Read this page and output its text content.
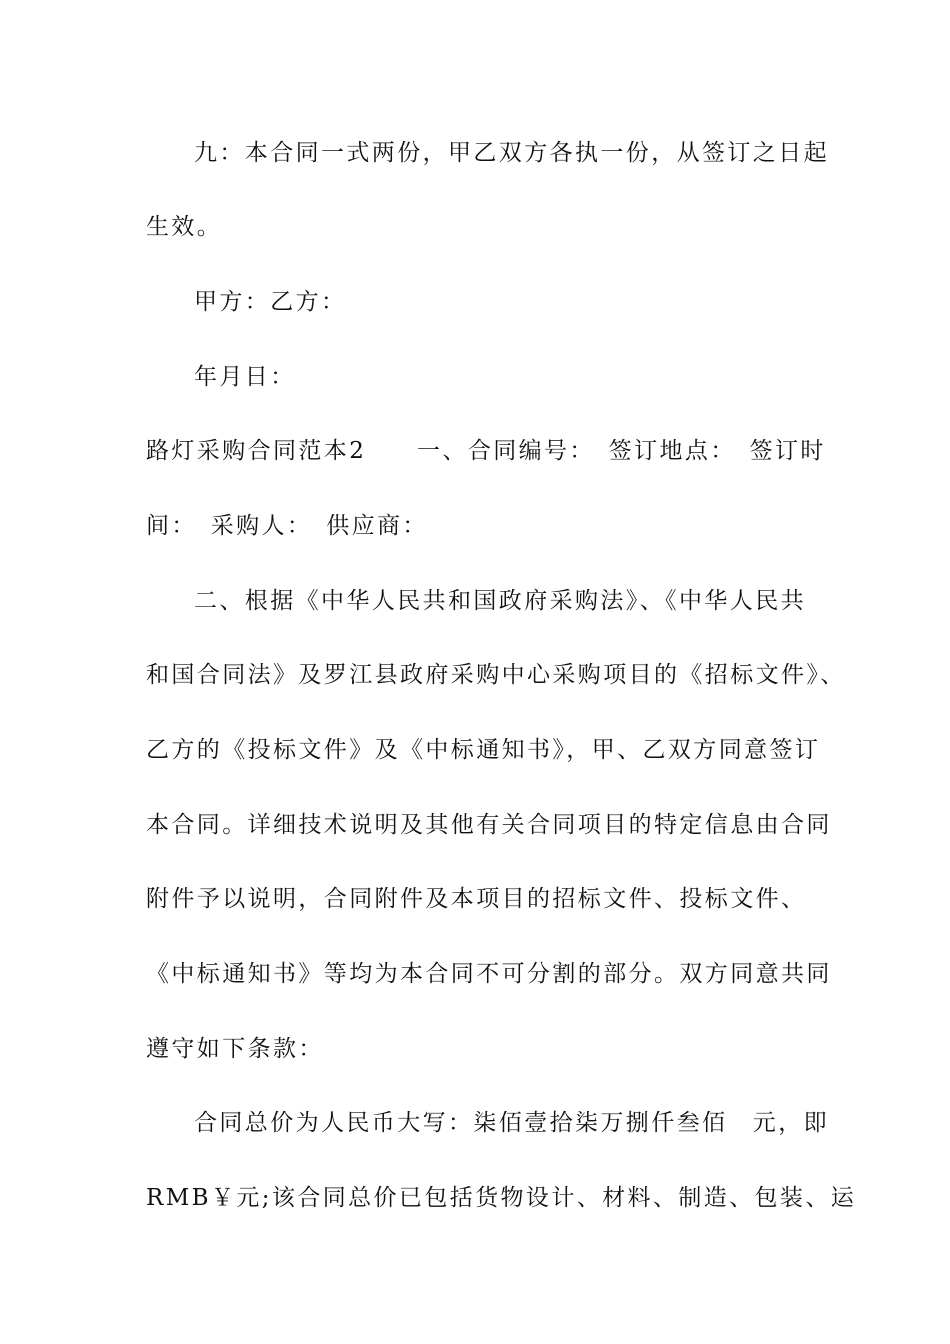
九：本合同一式两份，甲乙双方各执一份，从签订之日起
生效。
甲方：乙方：
年月日：
路灯采购合同范本2　　一、合同编号：　签订地点：　签订时
间：　采购人：　供应商：
二、根据《中华人民共和国政府采购法》、《中华人民共
和国合同法》及罗江县政府采购中心采购项目的《招标文件》、
乙方的《投标文件》及《中标通知书》，甲、乙双方同意签订
本合同。详细技术说明及其他有关合同项目的特定信息由合同
附件予以说明，合同附件及本项目的招标文件、投标文件、
《中标通知书》等均为本合同不可分割的部分。双方同意共同
遵守如下条款：
合同总价为人民币大写：柒佰壹拾柒万捌仟叁佰　元，即
RMB￥元;该合同总价已包括货物设计、材料、制造、包装、运
